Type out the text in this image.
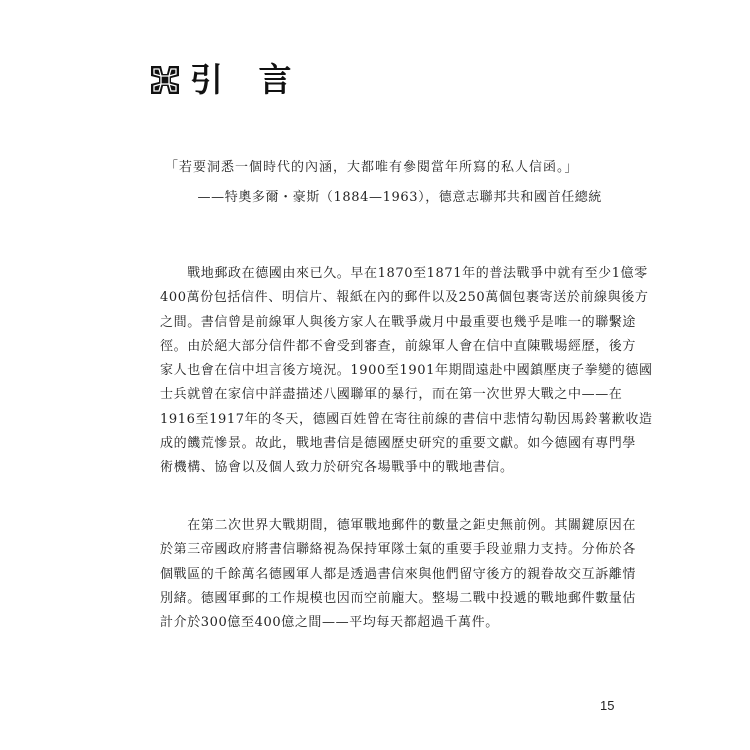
引 言
「若要洞悉一個時代的內涵，大都唯有參閱當年所寫的私人信函。」
——特奧多爾・豪斯（1884—1963），德意志聯邦共和國首任總統
　　戰地郵政在德國由來已久。早在1870至1871年的普法戰爭中就有至少1億零
400萬份包括信件、明信片、報紙在內的郵件以及250萬個包裹寄送於前線與後方
之間。書信曾是前線軍人與後方家人在戰爭歲月中最重要也幾乎是唯一的聯繫途
徑。由於絕大部分信件都不會受到審查，前線軍人會在信中直陳戰場經歷，後方
家人也會在信中坦言後方境況。1900至1901年期間遠赴中國鎮壓庚子拳變的德國
士兵就曾在家信中詳盡描述八國聯軍的暴行，而在第一次世界大戰之中——在
1916至1917年的冬天，德國百姓曾在寄往前線的書信中悲情勾勒因馬鈴薯歉收造
成的饑荒慘景。故此，戰地書信是德國歷史研究的重要文獻。如今德國有專門學
術機構、協會以及個人致力於研究各場戰爭中的戰地書信。
　　在第二次世界大戰期間，德軍戰地郵件的數量之鉅史無前例。其關鍵原因在
於第三帝國政府將書信聯絡視為保持軍隊士氣的重要手段並鼎力支持。分佈於各
個戰區的千餘萬名德國軍人都是透過書信來與他們留守後方的親眷故交互訴離情
別緒。德國軍郵的工作規模也因而空前龐大。整場二戰中投遞的戰地郵件數量估
計介於300億至400億之間——平均每天都超過千萬件。
15
